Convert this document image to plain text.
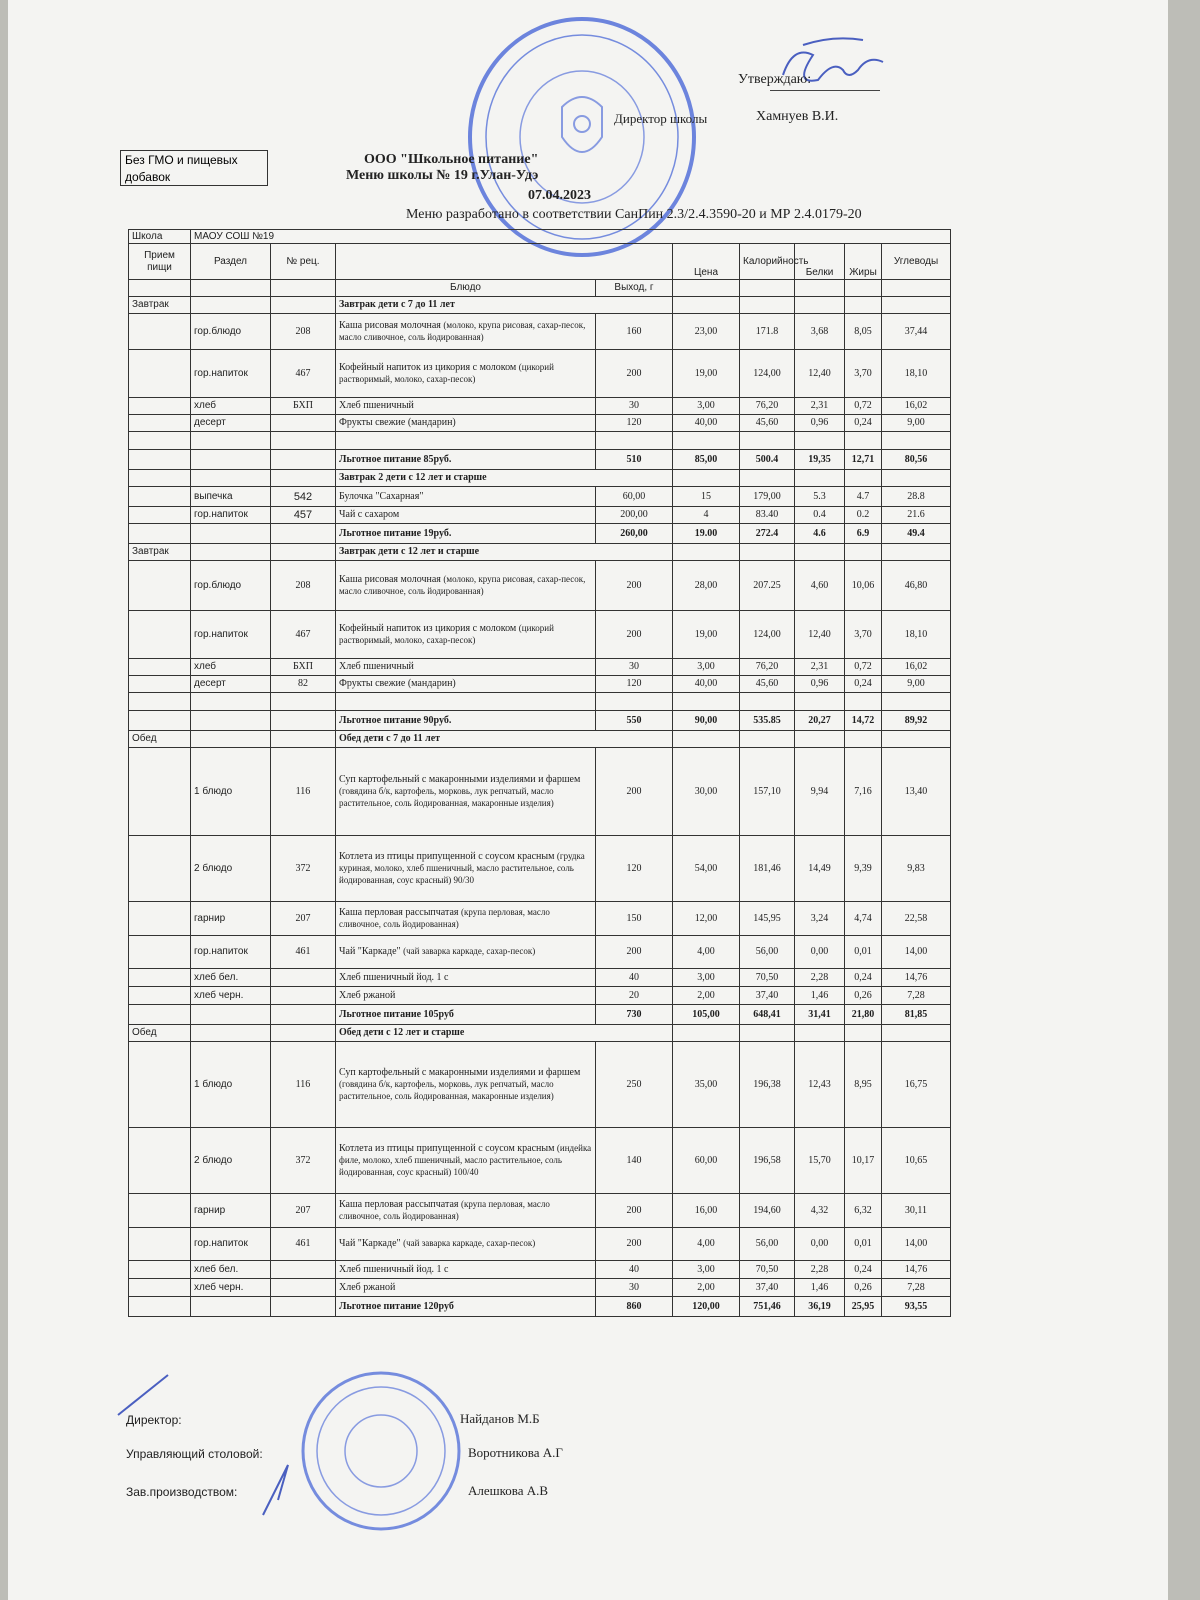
Утверждаю:
Директор школы	Хамнуев В.И.
Без ГМО и пищевых добавок
ООО "Школьное питание"
Меню школы № 19 г.Улан-Удэ
07.04.2023
Меню разработано в соответствии СанПин 2.3/2.4.3590-20 и МР 2.4.0179-20
Школа	МАОУ СОШ №19								
Прием пищи	Раздел	№ рец.			Цена	Калорийность	Белки	Жиры	Углеводы
			Блюдо	Выход, г					
Завтрак			Завтрак дети с 7 до 11 лет						
	гор.блюдо	208	Каша рисовая молочная (молоко, крупа рисовая, сахар-песок, масло сливочное, соль йодированная)	160	23,00	171.8	3,68	8,05	37,44
	гор.напиток	467	Кофейный напиток из цикория с молоком (цикорий растворимый, молоко, сахар-песок)	200	19,00	124,00	12,40	3,70	18,10
	хлеб	БХП	Хлеб пшеничный	30	3,00	76,20	2,31	0,72	16,02
	десерт		Фрукты свежие (мандарин)	120	40,00	45,60	0,96	0,24	9,00

			Льготное питание 85руб.	510	85,00	500.4	19,35	12,71	80,56
			Завтрак 2 дети с 12 лет и старше						
	выпечка	542	Булочка "Сахарная"	60,00	15	179,00	5.3	4.7	28.8
	гор.напиток	457	Чай с сахаром	200,00	4	83.40	0.4	0.2	21.6
			Льготное питание 19руб.	260,00	19.00	272.4	4.6	6.9	49.4
Завтрак			Завтрак дети с 12 лет и старше						
	гор.блюдо	208	Каша рисовая молочная (молоко, крупа рисовая, сахар-песок, масло сливочное, соль йодированная)	200	28,00	207.25	4,60	10,06	46,80
	гор.напиток	467	Кофейный напиток из цикория с молоком (цикорий растворимый, молоко, сахар-песок)	200	19,00	124,00	12,40	3,70	18,10
	хлеб	БХП	Хлеб пшеничный	30	3,00	76,20	2,31	0,72	16,02
	десерт	82	Фрукты свежие (мандарин)	120	40,00	45,60	0,96	0,24	9,00

			Льготное питание 90руб.	550	90,00	535.85	20,27	14,72	89,92
Обед			Обед дети с 7 до 11 лет						
	1 блюдо	116	Суп картофельный с макаронными изделиями и фаршем (говядина б/к, картофель, морковь, лук репчатый, масло растительное, соль йодированная, макаронные изделия)	200	30,00	157,10	9,94	7,16	13,40
	2 блюдо	372	Котлета из птицы припущенной с соусом красным (грудка куриная, молоко, хлеб пшеничный, масло растительное, соль йодированная, соус красный) 90/30	120	54,00	181,46	14,49	9,39	9,83
	гарнир	207	Каша перловая рассыпчатая (крупа перловая, масло сливочное, соль йодированная)	150	12,00	145,95	3,24	4,74	22,58
	гор.напиток	461	Чай "Каркаде" (чай заварка каркаде, сахар-песок)	200	4,00	56,00	0,00	0,01	14,00
	хлеб бел.		Хлеб пшеничный йод. 1 с	40	3,00	70,50	2,28	0,24	14,76
	хлеб черн.		Хлеб ржаной	20	2,00	37,40	1,46	0,26	7,28
			Льготное питание 105руб	730	105,00	648,41	31,41	21,80	81,85
Обед			Обед дети с 12 лет и старше						
	1 блюдо	116	Суп картофельный с макаронными изделиями и фаршем (говядина б/к, картофель, морковь, лук репчатый, масло растительное, соль йодированная, макаронные изделия)	250	35,00	196,38	12,43	8,95	16,75
	2 блюдо	372	Котлета из птицы припущенной с соусом красным (индейка филе, молоко, хлеб пшеничный, масло растительное, соль йодированная, соус красный) 100/40	140	60,00	196,58	15,70	10,17	10,65
	гарнир	207	Каша перловая рассыпчатая (крупа перловая, масло сливочное, соль йодированная)	200	16,00	194,60	4,32	6,32	30,11
	гор.напиток	461	Чай "Каркаде" (чай заварка каркаде, сахар-песок)	200	4,00	56,00	0,00	0,01	14,00
	хлеб бел.		Хлеб пшеничный йод. 1 с	40	3,00	70,50	2,28	0,24	14,76
	хлеб черн.		Хлеб ржаной	30	2,00	37,40	1,46	0,26	7,28
			Льготное питание 120руб	860	120,00	751,46	36,19	25,95	93,55
Директор:	Найданов М.Б
Управляющий столовой:	Воротникова А.Г
Зав.производством:	Алешкова А.В
